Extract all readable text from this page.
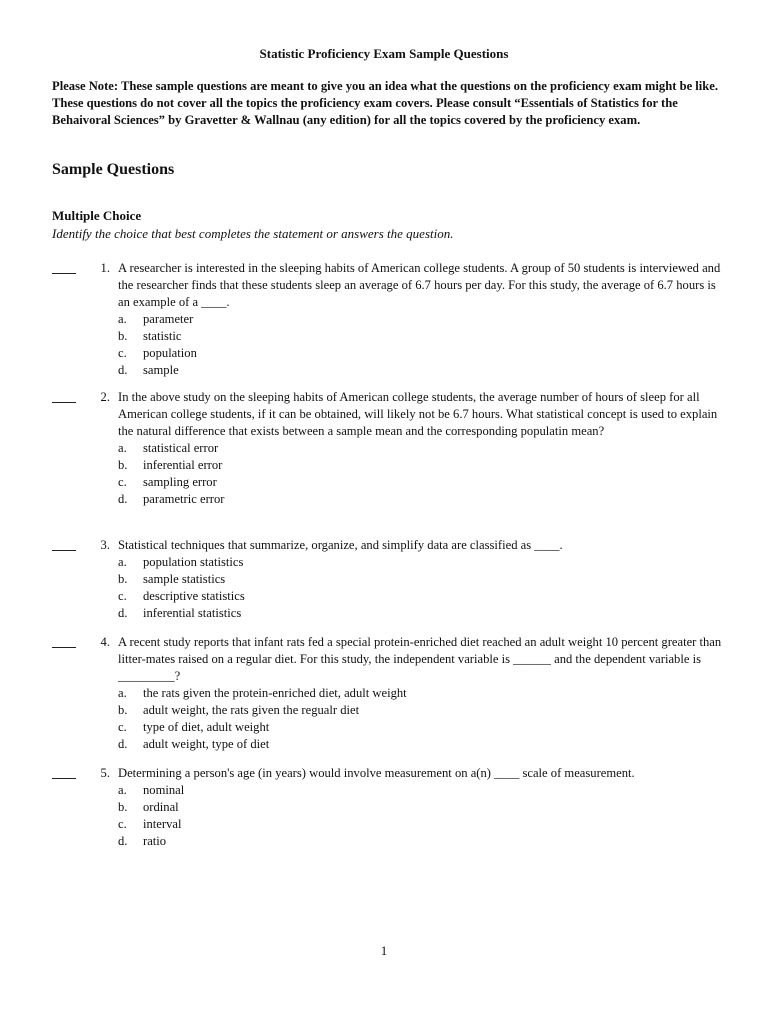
Statistic Proficiency Exam Sample Questions
Please Note: These sample questions are meant to give you an idea what the questions on the proficiency exam might be like. These questions do not cover all the topics the proficiency exam covers. Please consult “Essentials of Statistics for the Behaivoral Sciences” by Gravetter & Wallnau (any edition) for all the topics covered by the proficiency exam.
Sample Questions
Multiple Choice
Identify the choice that best completes the statement or answers the question.
1. A researcher is interested in the sleeping habits of American college students. A group of 50 students is interviewed and the researcher finds that these students sleep an average of 6.7 hours per day. For this study, the average of 6.7 hours is an example of a ____.
a.	parameter
b.	statistic
c.	population
d.	sample
2. In the above study on the sleeping habits of American college students, the average number of hours of sleep for all American college students, if it can be obtained, will likely not be 6.7 hours. What statistical concept is used to explain the natural difference that exists between a sample mean and the corresponding populatin mean?
a.	statistical error
b.	inferential error
c.	sampling error
d.	parametric error
3. Statistical techniques that summarize, organize, and simplify data are classified as ____.
a.	population statistics
b.	sample statistics
c.	descriptive statistics
d.	inferential statistics
4. A recent study reports that infant rats fed a special protein-enriched diet reached an adult weight 10 percent greater than litter-mates raised on a regular diet. For this study, the independent variable is ______ and the dependent variable is _________?
a.	the rats given the protein-enriched diet, adult weight
b.	adult weight, the rats given the regualr diet
c.	type of diet, adult weight
d.	adult weight, type of diet
5. Determining a person's age (in years) would involve measurement on a(n) ____ scale of measurement.
a.	nominal
b.	ordinal
c.	interval
d.	ratio
1
